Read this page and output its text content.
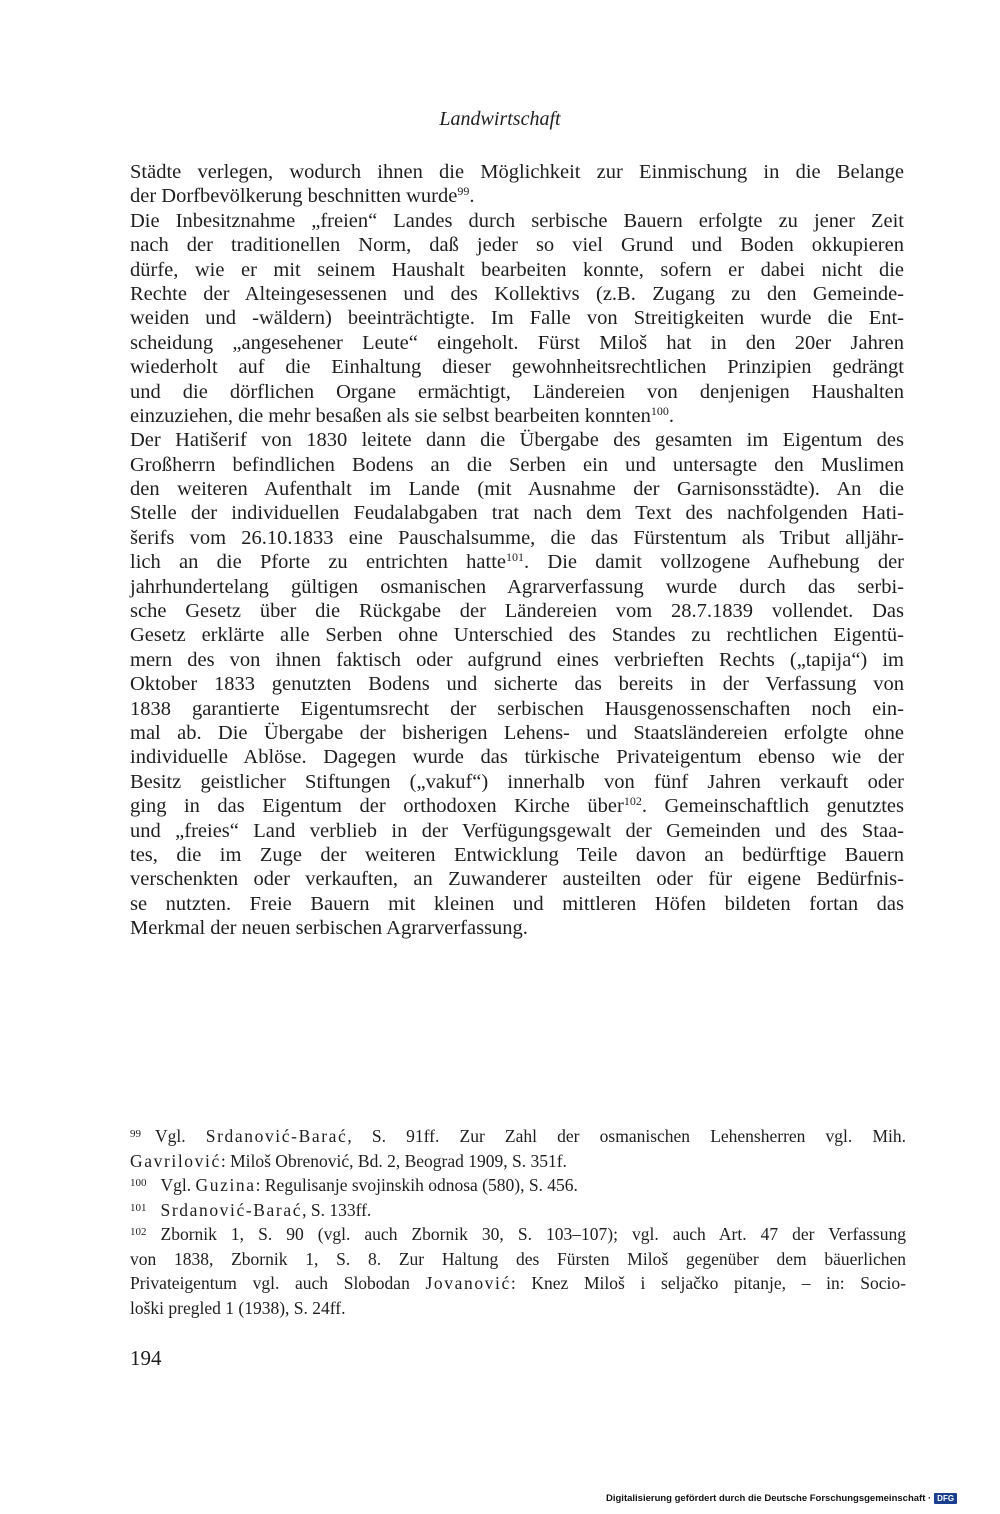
Landwirtschaft
Städte verlegen, wodurch ihnen die Möglichkeit zur Einmischung in die Belange
der Dorfbevölkerung beschnitten wurde$^{99}$.
Die Inbesitznahme „freien“ Landes durch serbische Bauern erfolgte zu jener Zeit
nach der traditionellen Norm, daß jeder so viel Grund und Boden okkupieren
dürfe, wie er mit seinem Haushalt bearbeiten konnte, sofern er dabei nicht die
Rechte der Alteingesessenen und des Kollektivs (z.B. Zugang zu den Gemeinde-
weiden und -wäldern) beeinträchtigte. Im Falle von Streitigkeiten wurde die Ent-
scheidung „angesehener Leute“ eingeholt. Fürst Miloš hat in den 20er Jahren
wiederholt auf die Einhaltung dieser gewohnheitsrechtlichen Prinzipien gedrängt
und die dörflichen Organe ermächtigt, Ländereien von denjenigen Haushalten
einzuziehen, die mehr besaßen als sie selbst bearbeiten konnten$^{100}$.
Der Hatišerif von 1830 leitete dann die Übergabe des gesamten im Eigentum des
Großherrn befindlichen Bodens an die Serben ein und untersagte den Muslimen
den weiteren Aufenthalt im Lande (mit Ausnahme der Garnisonsstädte). An die
Stelle der individuellen Feudalabgaben trat nach dem Text des nachfolgenden Hati-
šerifs vom 26.10.1833 eine Pauschalsumme, die das Fürstentum als Tribut alljähr-
lich an die Pforte zu entrichten hatte$^{101}$. Die damit vollzogene Aufhebung der
jahrhundertelang gültigen osmanischen Agrarverfassung wurde durch das serbi-
sche Gesetz über die Rückgabe der Ländereien vom 28.7.1839 vollendet. Das
Gesetz erklärte alle Serben ohne Unterschied des Standes zu rechtlichen Eigentü-
mern des von ihnen faktisch oder aufgrund eines verbrieften Rechts („tapija“) im
Oktober 1833 genutzten Bodens und sicherte das bereits in der Verfassung von
1838 garantierte Eigentumsrecht der serbischen Hausgenossenschaften noch ein-
mal ab. Die Übergabe der bisherigen Lehens- und Staatsländereien erfolgte ohne
individuelle Ablöse. Dagegen wurde das türkische Privateigentum ebenso wie der
Besitz geistlicher Stiftungen („vakuf“) innerhalb von fünf Jahren verkauft oder
ging in das Eigentum der orthodoxen Kirche über$^{102}$. Gemeinschaftlich genutztes
und „freies“ Land verblieb in der Verfügungsgewalt der Gemeinden und des Staa-
tes, die im Zuge der weiteren Entwicklung Teile davon an bedürftige Bauern
verschenkten oder verkauften, an Zuwanderer austeilten oder für eigene Bedürfnis-
se nutzten. Freie Bauern mit kleinen und mittleren Höfen bildeten fortan das
Merkmal der neuen serbischen Agrarverfassung.
$^{99}$ Vgl. Srdanović-Barać, S. 91ff. Zur Zahl der osmanischen Lehensherren vgl. Mih.
Gavrilović: Miloš Obrenović, Bd. 2, Beograd 1909, S. 351f.
$^{100}$ Vgl. Guzina: Regulisanje svojinskih odnosa (580), S. 456.
$^{101}$ Srdanović-Barać, S. 133ff.
$^{102}$ Zbornik 1, S. 90 (vgl. auch Zbornik 30, S. 103–107); vgl. auch Art. 47 der Verfassung
von 1838, Zbornik 1, S. 8. Zur Haltung des Fürsten Miloš gegenüber dem bäuerlichen
Privateigentum vgl. auch Slobodan Jovanović: Knez Miloš i seljačko pitanje, – in: Socio-
loški pregled 1 (1938), S. 24ff.
194
Digitalisierung gefördert durch die Deutsche Forschungsgemeinschaft · DFG
